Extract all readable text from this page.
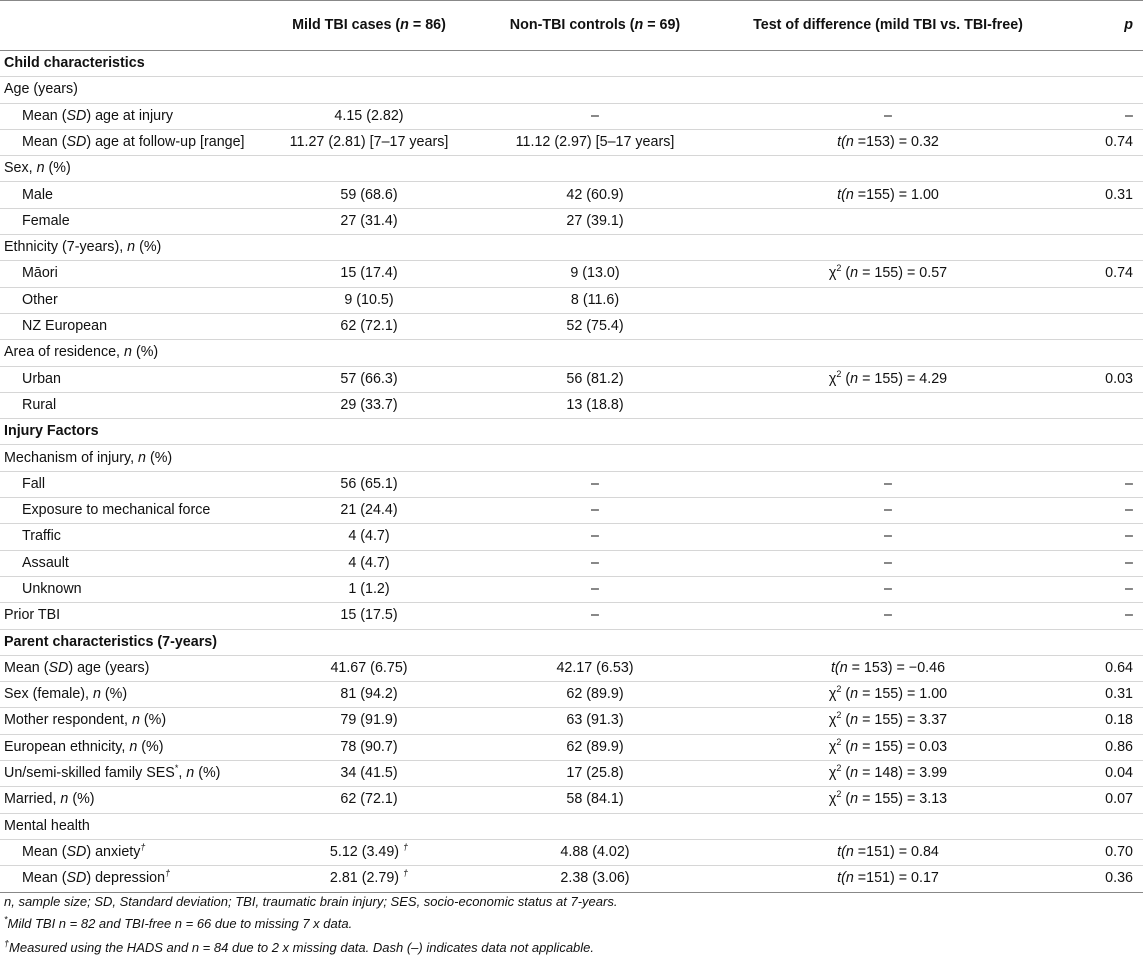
	Mild TBI cases (n = 86)	Non-TBI controls (n = 69)	Test of difference (mild TBI vs. TBI-free)	p
Child characteristics				
Age (years)				
Mean (SD) age at injury	4.15 (2.82)	–	–	–
Mean (SD) age at follow-up [range]	11.27 (2.81) [7–17 years]	11.12 (2.97) [5–17 years]	t(n =153) = 0.32	0.74
Sex, n (%)				
Male	59 (68.6)	42 (60.9)	t(n =155) = 1.00	0.31
Female	27 (31.4)	27 (39.1)		
Ethnicity (7-years), n (%)				
Māori	15 (17.4)	9 (13.0)	$\chi^2$ (n = 155) = 0.57	0.74
Other	9 (10.5)	8 (11.6)		
NZ European	62 (72.1)	52 (75.4)		
Area of residence, n (%)				
Urban	57 (66.3)	56 (81.2)	$\chi^2$ (n = 155) = 4.29	0.03
Rural	29 (33.7)	13 (18.8)		
Injury Factors				
Mechanism of injury, n (%)				
Fall	56 (65.1)	–	–	–
Exposure to mechanical force	21 (24.4)	–	–	–
Traffic	4 (4.7)	–	–	–
Assault	4 (4.7)	–	–	–
Unknown	1 (1.2)	–	–	–
Prior TBI	15 (17.5)	–	–	–
Parent characteristics (7-years)				
Mean (SD) age (years)	41.67 (6.75)	42.17 (6.53)	t(n = 153) = −0.46	0.64
Sex (female), n (%)	81 (94.2)	62 (89.9)	$\chi^2$ (n = 155) = 1.00	0.31
Mother respondent, n (%)	79 (91.9)	63 (91.3)	$\chi^2$ (n = 155) = 3.37	0.18
European ethnicity, n (%)	78 (90.7)	62 (89.9)	$\chi^2$ (n = 155) = 0.03	0.86
Un/semi-skilled family SES*, n (%)	34 (41.5)	17 (25.8)	$\chi^2$ (n = 148) = 3.99	0.04
Married, n (%)	62 (72.1)	58 (84.1)	$\chi^2$ (n = 155) = 3.13	0.07
Mental health				
Mean (SD) anxiety†	5.12 (3.49) †	4.88 (4.02)	t(n =151) = 0.84	0.70
Mean (SD) depression†	2.81 (2.79) †	2.38 (3.06)	t(n =151) = 0.17	0.36
n, sample size; SD, Standard deviation; TBI, traumatic brain injury; SES, socio-economic status at 7-years.
*Mild TBI n = 82 and TBI-free n = 66 due to missing 7 x data.
†Measured using the HADS and n = 84 due to 2 x missing data. Dash (–) indicates data not applicable.
